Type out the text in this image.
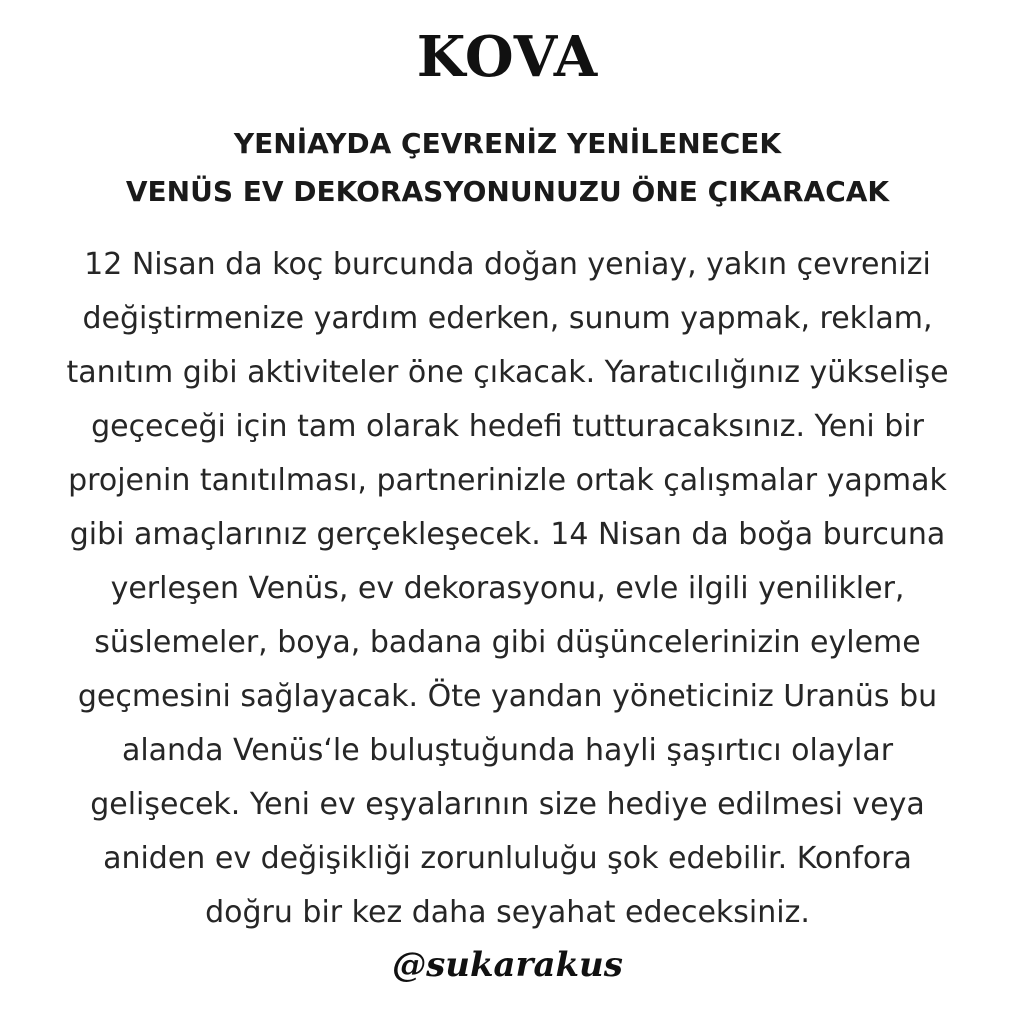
KOVA
YENİAYDA ÇEVRENİZ YENİLENECEK
VENÜS EV DEKORASYONUNUZU ÖNE ÇIKARACAK
12 Nisan da koç burcunda doğan yeniay, yakın çevrenizi
değiştirmenize yardım ederken, sunum yapmak, reklam,
tanıtım gibi aktiviteler öne çıkacak. Yaratıcılığınız yükselişe
geçeceği için tam olarak hedefi tutturacaksınız. Yeni bir
projenin tanıtılması, partnerinizle ortak çalışmalar yapmak
gibi amaçlarınız gerçekleşecek. 14 Nisan da boğa burcuna
yerleşen Venüs, ev dekorasyonu, evle ilgili yenilikler,
süslemeler, boya, badana gibi düşüncelerinizin eyleme
geçmesini sağlayacak. Öte yandan yöneticiniz Uranüs bu
alanda Venüs‘le buluştuğunda hayli şaşırtıcı olaylar
gelişecek. Yeni ev eşyalarının size hediye edilmesi veya
aniden ev değişikliği zorunluluğu şok edebilir. Konfora
doğru bir kez daha seyahat edeceksiniz.
@sukarakus
